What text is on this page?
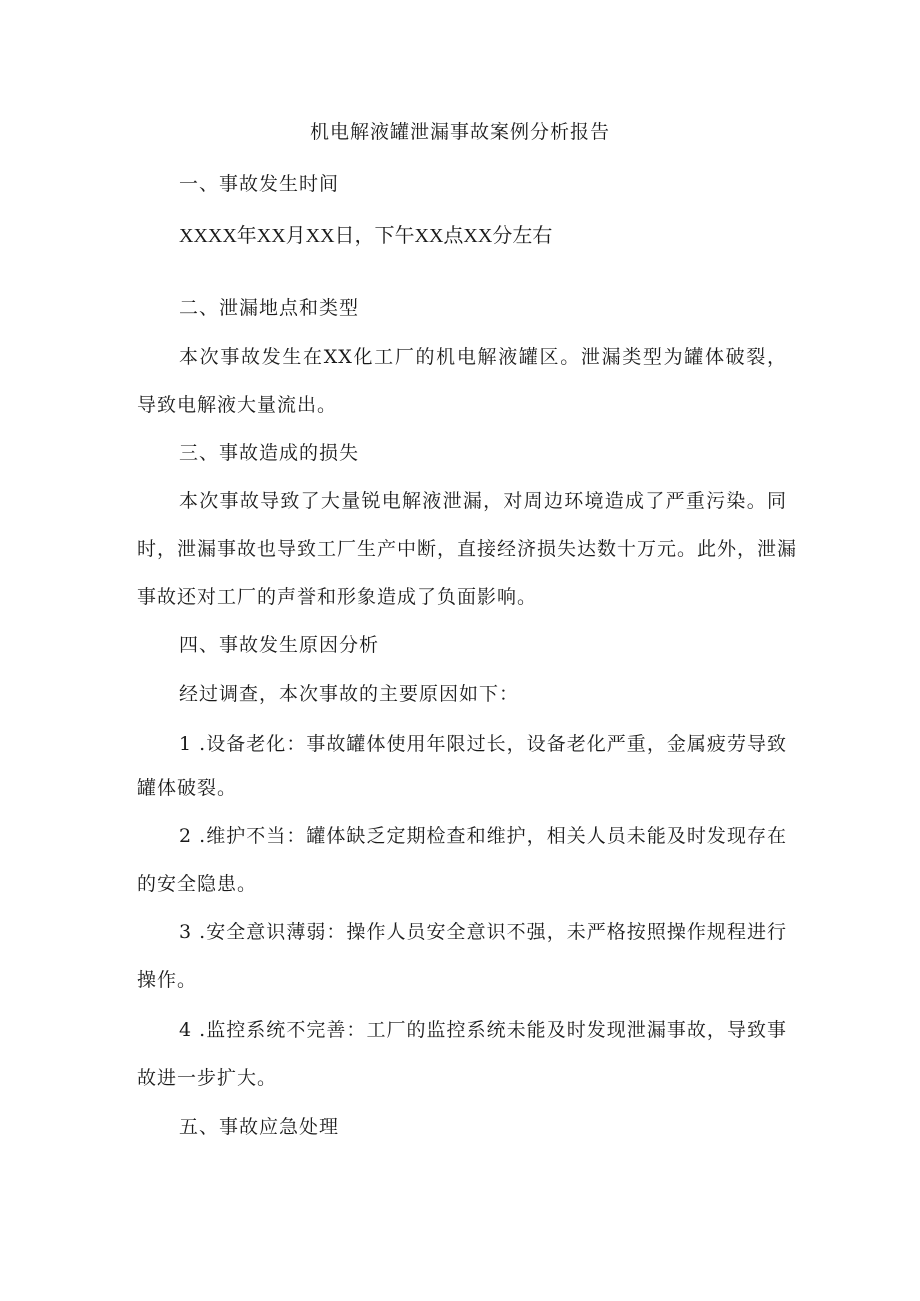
机电解液罐泄漏事故案例分析报告
一、事故发生时间
XXXX年XX月XX日，下午XX点XX分左右
二、泄漏地点和类型
本次事故发生在XX化工厂的机电解液罐区。泄漏类型为罐体破裂，
导致电解液大量流出。
三、事故造成的损失
本次事故导致了大量锐电解液泄漏，对周边环境造成了严重污染。同
时，泄漏事故也导致工厂生产中断，直接经济损失达数十万元。此外，泄漏
事故还对工厂的声誉和形象造成了负面影响。
四、事故发生原因分析
经过调查，本次事故的主要原因如下：
1 .设备老化：事故罐体使用年限过长，设备老化严重，金属疲劳导致
罐体破裂。
2 .维护不当：罐体缺乏定期检查和维护，相关人员未能及时发现存在
的安全隐患。
3 .安全意识薄弱：操作人员安全意识不强，未严格按照操作规程进行
操作。
4 .监控系统不完善：工厂的监控系统未能及时发现泄漏事故，导致事
故进一步扩大。
五、事故应急处理
